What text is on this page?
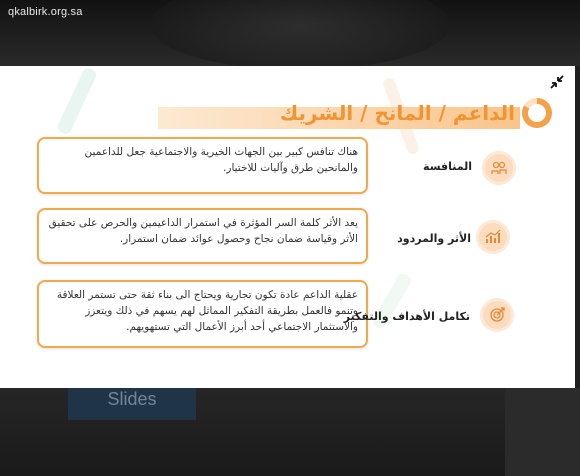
qkalbirk.org.sa
Slides
الداعم / المانح / الشريك
هناك تنافس كبير بين الجهات الخيرية والاجتماعية جعل للداعمين والمانحين طرق وآليات للاختيار.	المنافسة
يعد الأثر كلمة السر المؤثرة في استمرار الداعيمين والحرص على تحقيق الأثر وقياسة ضمان نجاح وحصول عوائد ضمان استمرار.	الأثر والمردود
عقلية الداعم عادة تكون تجارية ويحتاج الى بناء ثقة حتى تستمر العلاقة وتنمو فالعمل بطريقة التفكير المماثل لهم يسهم في ذلك ويتعزز والاستثمار الاجتماعي أحد أبرز الأعمال التي تستهويهم.
تكامل الأهداف والتفكير
